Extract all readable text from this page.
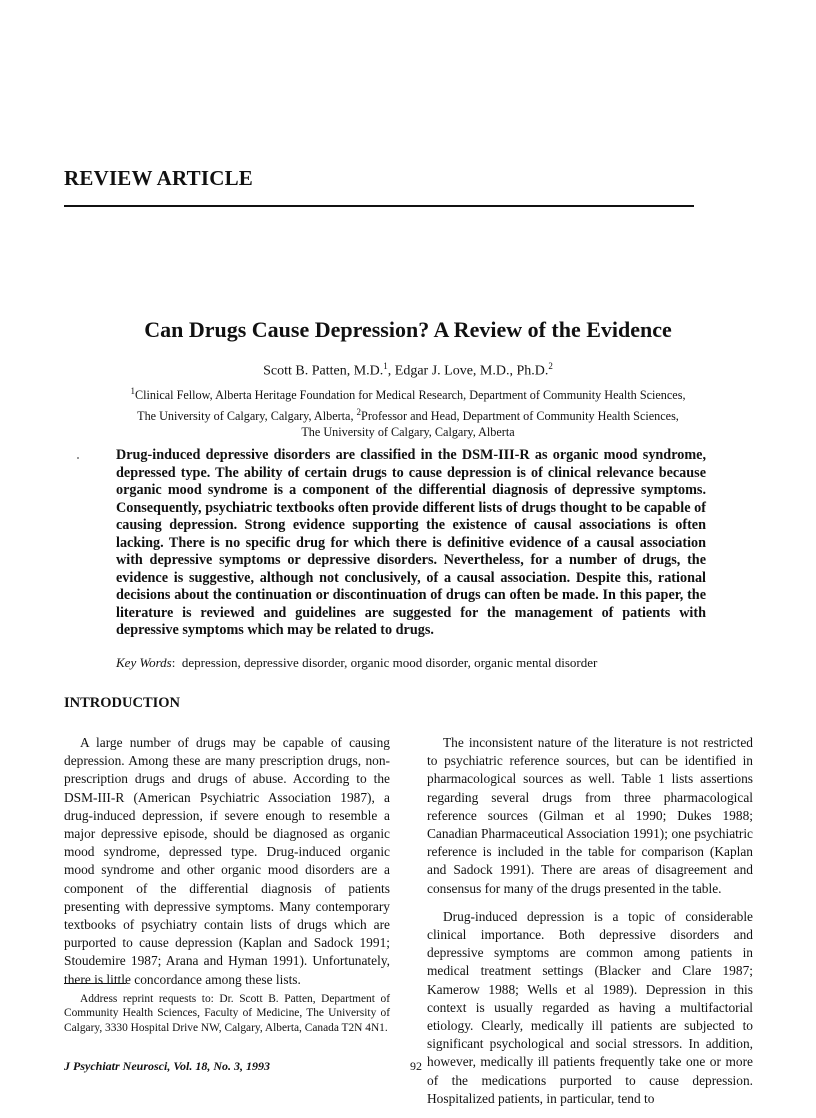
REVIEW ARTICLE
Can Drugs Cause Depression? A Review of the Evidence
Scott B. Patten, M.D.$^1$, Edgar J. Love, M.D., Ph.D.$^2$
$^1$Clinical Fellow, Alberta Heritage Foundation for Medical Research, Department of Community Health Sciences, The University of Calgary, Calgary, Alberta, $^2$Professor and Head, Department of Community Health Sciences, The University of Calgary, Calgary, Alberta

Drug-induced depressive disorders are classified in the DSM-III-R as organic mood syndrome, depressed type. The ability of certain drugs to cause depression is of clinical relevance because organic mood syndrome is a component of the differential diagnosis of depressive symptoms. Consequently, psychiatric textbooks often provide different lists of drugs thought to be capable of causing depression. Strong evidence supporting the existence of causal associations is often lacking. There is no specific drug for which there is definitive evidence of a causal association with depressive symptoms or depressive disorders. Nevertheless, for a number of drugs, the evidence is suggestive, although not conclusively, of a causal association. Despite this, rational decisions about the continuation or discontinuation of drugs can often be made. In this paper, the literature is reviewed and guidelines are suggested for the management of patients with depressive symptoms which may be related to drugs.

Key Words: depression, depressive disorder, organic mood disorder, organic mental disorder

INTRODUCTION

A large number of drugs may be capable of causing depression. Among these are many prescription drugs, non-prescription drugs and drugs of abuse. According to the DSM-III-R (American Psychiatric Association 1987), a drug-induced depression, if severe enough to resemble a major depressive episode, should be diagnosed as organic mood syndrome, depressed type. Drug-induced organic mood syndrome and other organic mood disorders are a component of the differential diagnosis of patients presenting with depressive symptoms. Many contemporary textbooks of psychiatry contain lists of drugs which are purported to cause depression (Kaplan and Sadock 1991; Stoudemire 1987; Arana and Hyman 1991). Unfortunately, there is little concordance among these lists.

The inconsistent nature of the literature is not restricted to psychiatric reference sources, but can be identified in pharmacological sources as well. Table 1 lists assertions regarding several drugs from three pharmacological reference sources (Gilman et al 1990; Dukes 1988; Canadian Pharmaceutical Association 1991); one psychiatric reference is included in the table for comparison (Kaplan and Sadock 1991). There are areas of disagreement and consensus for many of the drugs presented in the table.

Drug-induced depression is a topic of considerable clinical importance. Both depressive disorders and depressive symptoms are common among patients in medical treatment settings (Blacker and Clare 1987; Kamerow 1988; Wells et al 1989). Depression in this context is usually regarded as having a multifactorial etiology. Clearly, medically ill patients are subjected to significant psychological and social stressors. In addition, however, medically ill patients frequently take one or more of the medications purported to cause depression. Hospitalized patients, in particular, tend to

Address reprint requests to: Dr. Scott B. Patten, Department of Community Health Sciences, Faculty of Medicine, The University of Calgary, 3330 Hospital Drive NW, Calgary, Alberta, Canada T2N 4N1.

J Psychiatr Neurosci, Vol. 18, No. 3, 1993	92
